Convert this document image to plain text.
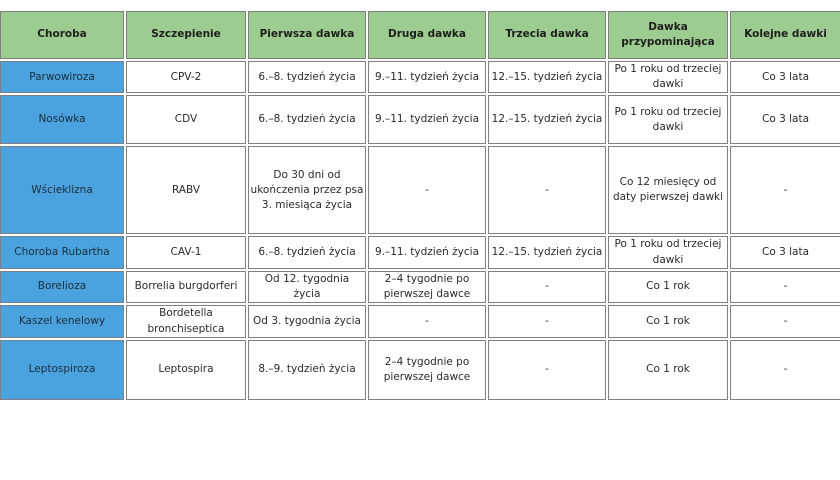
Choroba	Szczepienie	Pierwsza dawka	Druga dawka	Trzecia dawka	Dawka przypominająca	Kolejne dawki
Parwowiroza	CPV-2	6.–8. tydzień życia	9.–11. tydzień życia	12.–15. tydzień życia	Po 1 roku od trzeciej dawki	Co 3 lata
Nosówka	CDV	6.–8. tydzień życia	9.–11. tydzień życia	12.–15. tydzień życia	Po 1 roku od trzeciej dawki	Co 3 lata
Wścieklizna	RABV	Do 30 dni od ukończenia przez psa 3. miesiąca życia	-	-	Co 12 miesięcy od daty pierwszej dawki	-
Choroba Rubartha	CAV-1	6.–8. tydzień życia	9.–11. tydzień życia	12.–15. tydzień życia	Po 1 roku od trzeciej dawki	Co 3 lata
Borelioza	Borrelia burgdorferi	Od 12. tygodnia życia	2–4 tygodnie po pierwszej dawce	-	Co 1 rok	-
Kaszel kenelowy	Bordetella bronchiseptica	Od 3. tygodnia życia	-	-	Co 1 rok	-
Leptospiroza	Leptospira	8.–9. tydzień życia	2–4 tygodnie po pierwszej dawce	-	Co 1 rok	-
